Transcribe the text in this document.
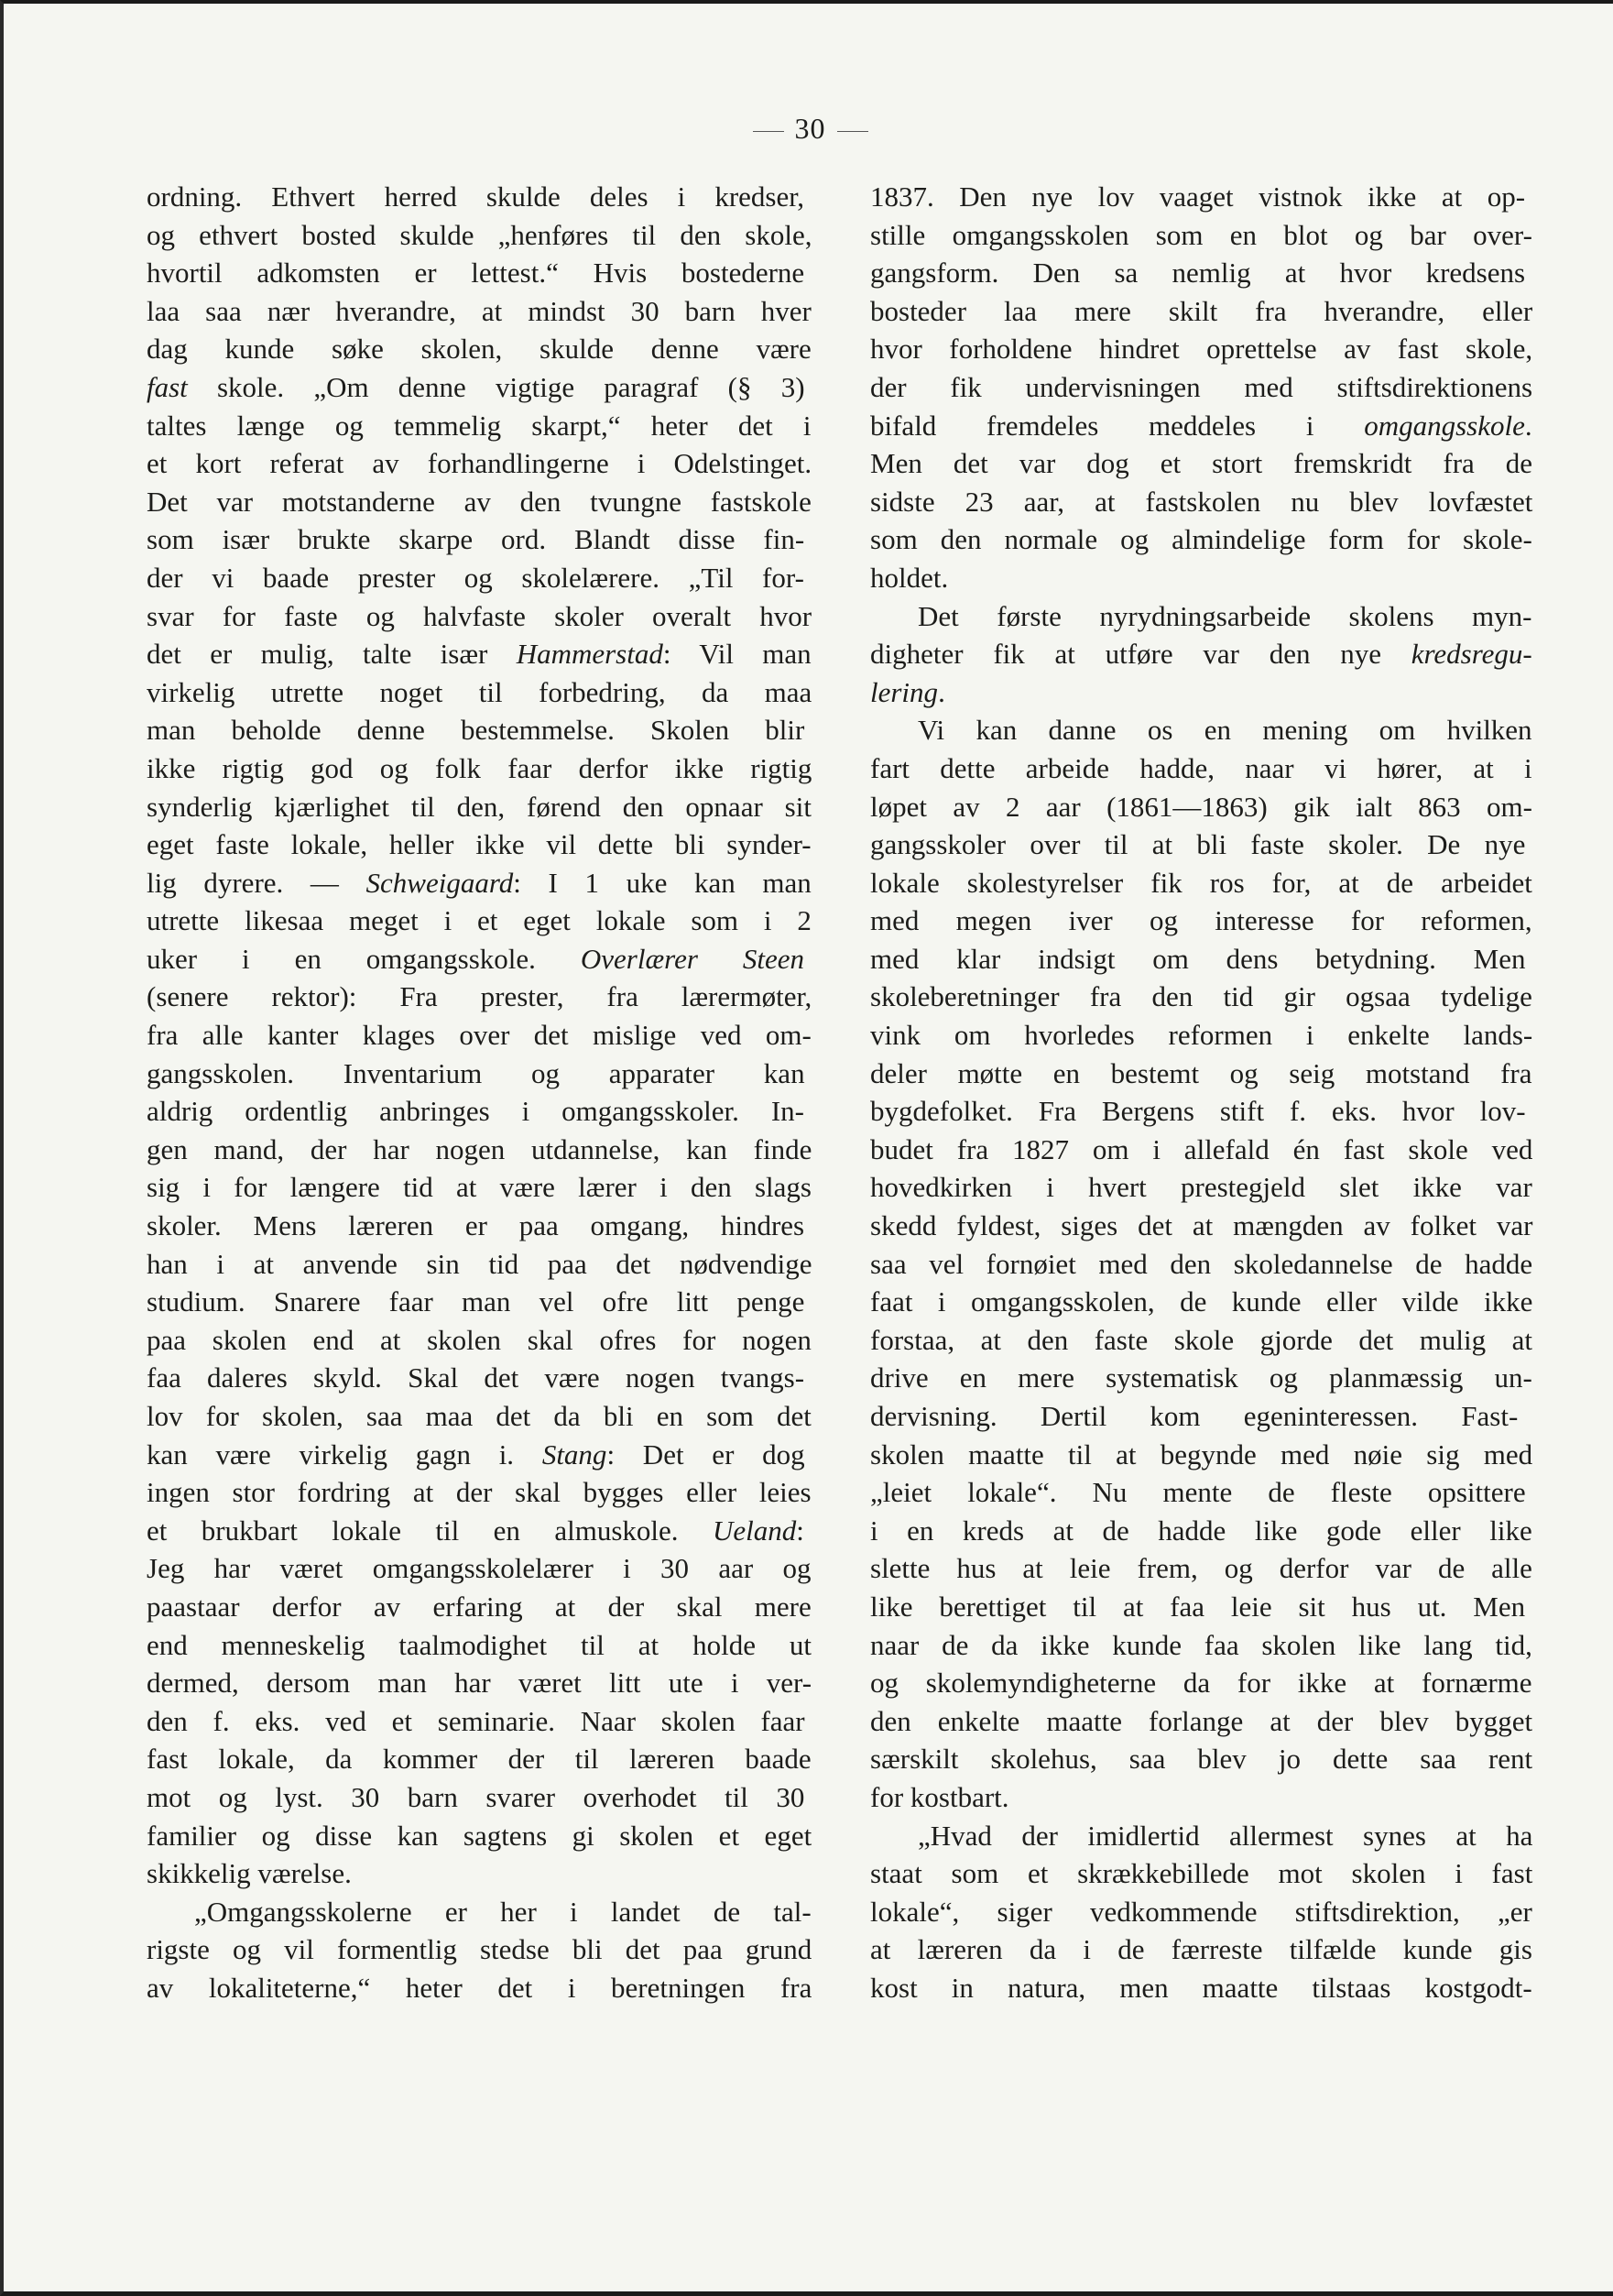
30
ordning. Ethvert herred skulde deles i kredser,
og ethvert bosted skulde „henføres til den skole,
hvortil adkomsten er lettest.“ Hvis bostederne
laa saa nær hverandre, at mindst 30 barn hver
dag kunde søke skolen, skulde denne være
fast skole. „Om denne vigtige paragraf (§ 3)
taltes længe og temmelig skarpt,“ heter det i
et kort referat av forhandlingerne i Odelstinget.
Det var motstanderne av den tvungne fastskole
som især brukte skarpe ord. Blandt disse fin-
der vi baade prester og skolelærere. „Til for-
svar for faste og halvfaste skoler overalt hvor
det er mulig, talte især Hammerstad: Vil man
virkelig utrette noget til forbedring, da maa
man beholde denne bestemmelse. Skolen blir
ikke rigtig god og folk faar derfor ikke rigtig
synderlig kjærlighet til den, førend den opnaar sit
eget faste lokale, heller ikke vil dette bli synder-
lig dyrere. — Schweigaard: I 1 uke kan man
utrette likesaa meget i et eget lokale som i 2
uker i en omgangsskole. Overlærer Steen
(senere rektor): Fra prester, fra lærermøter,
fra alle kanter klages over det mislige ved om-
gangsskolen. Inventarium og apparater kan
aldrig ordentlig anbringes i omgangsskoler. In-
gen mand, der har nogen utdannelse, kan finde
sig i for længere tid at være lærer i den slags
skoler. Mens læreren er paa omgang, hindres
han i at anvende sin tid paa det nødvendige
studium. Snarere faar man vel ofre litt penge
paa skolen end at skolen skal ofres for nogen
faa daleres skyld. Skal det være nogen tvangs-
lov for skolen, saa maa det da bli en som det
kan være virkelig gagn i. Stang: Det er dog
ingen stor fordring at der skal bygges eller leies
et brukbart lokale til en almuskole. Ueland:
Jeg har været omgangsskolelærer i 30 aar og
paastaar derfor av erfaring at der skal mere
end menneskelig taalmodighet til at holde ut
dermed, dersom man har været litt ute i ver-
den f. eks. ved et seminarie. Naar skolen faar
fast lokale, da kommer der til læreren baade
mot og lyst. 30 barn svarer overhodet til 30
familier og disse kan sagtens gi skolen et eget
skikkelig værelse.
„Omgangsskolerne er her i landet de tal-
rigste og vil formentlig stedse bli det paa grund
av lokaliteterne,“ heter det i beretningen fra
1837. Den nye lov vaaget vistnok ikke at op-
stille omgangsskolen som en blot og bar over-
gangsform. Den sa nemlig at hvor kredsens
bosteder laa mere skilt fra hverandre, eller
hvor forholdene hindret oprettelse av fast skole,
der fik undervisningen med stiftsdirektionens
bifald fremdeles meddeles i omgangsskole.
Men det var dog et stort fremskridt fra de
sidste 23 aar, at fastskolen nu blev lovfæstet
som den normale og almindelige form for skole-
holdet.
Det første nyrydningsarbeide skolens myn-
digheter fik at utføre var den nye kredsregu-
lering.
Vi kan danne os en mening om hvilken
fart dette arbeide hadde, naar vi hører, at i
løpet av 2 aar (1861—1863) gik ialt 863 om-
gangsskoler over til at bli faste skoler. De nye
lokale skolestyrelser fik ros for, at de arbeidet
med megen iver og interesse for reformen,
med klar indsigt om dens betydning. Men
skoleberetninger fra den tid gir ogsaa tydelige
vink om hvorledes reformen i enkelte lands-
deler møtte en bestemt og seig motstand fra
bygdefolket. Fra Bergens stift f. eks. hvor lov-
budet fra 1827 om i allefald én fast skole ved
hovedkirken i hvert prestegjeld slet ikke var
skedd fyldest, siges det at mængden av folket var
saa vel fornøiet med den skoledannelse de hadde
faat i omgangsskolen, de kunde eller vilde ikke
forstaa, at den faste skole gjorde det mulig at
drive en mere systematisk og planmæssig un-
dervisning. Dertil kom egeninteressen. Fast-
skolen maatte til at begynde med nøie sig med
„leiet lokale“. Nu mente de fleste opsittere
i en kreds at de hadde like gode eller like
slette hus at leie frem, og derfor var de alle
like berettiget til at faa leie sit hus ut. Men
naar de da ikke kunde faa skolen like lang tid,
og skolemyndigheterne da for ikke at fornærme
den enkelte maatte forlange at der blev bygget
særskilt skolehus, saa blev jo dette saa rent
for kostbart.
„Hvad der imidlertid allermest synes at ha
staat som et skrækkebillede mot skolen i fast
lokale“, siger vedkommende stiftsdirektion, „er
at læreren da i de færreste tilfælde kunde gis
kost in natura, men maatte tilstaas kostgodt-
